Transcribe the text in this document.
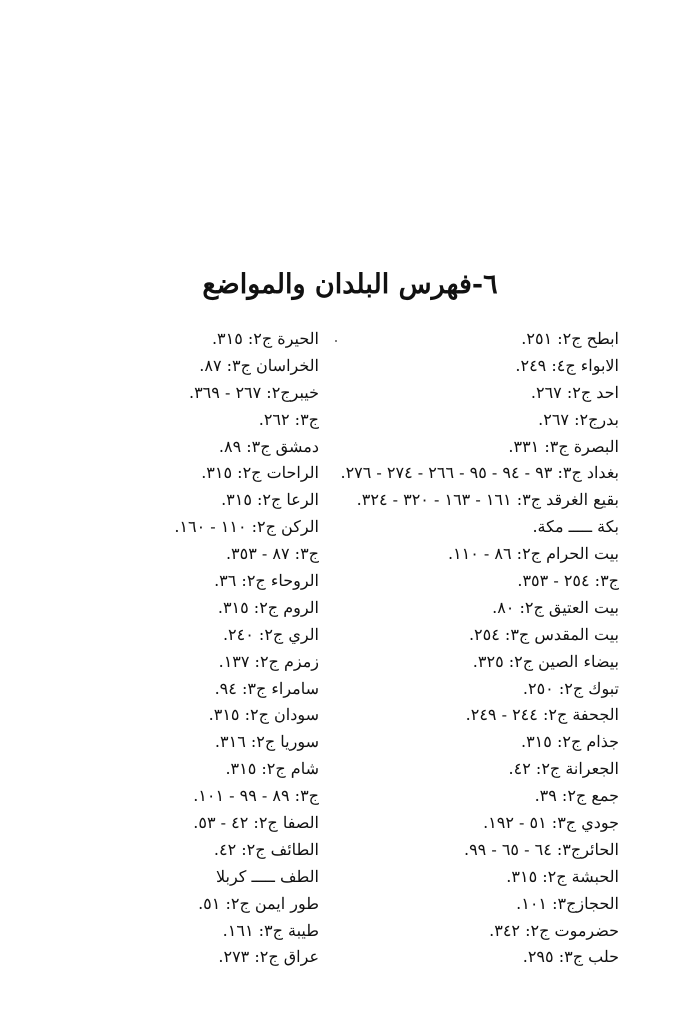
٦-فهرس البلدان والمواضع
ابطح ج٢: ٢٥١.
الابواء ج٤: ٢٤٩.
احد ج٢: ٢٦٧.
بدرج٢: ٢٦٧.
البصرة ج٣: ٣٣١.
بغداد ج٣: ٩٣ - ٩٤ - ٩٥ - ٢٦٦ - ٢٧٤ - ٢٧٦.
بقيع الغرقد ج٣: ١٦١ - ١٦٣ - ٣٢٠ - ٣٢٤.
بكة ـــــ مكة.
بيت الحرام ج٢: ٨٦ - ١١٠.
ج٣: ٢٥٤ - ٣٥٣.
بيت العتيق ج٢: ٨٠.
بيت المقدس ج٣: ٢٥٤.
بيضاء الصين ج٢: ٣٢٥.
تبوك ج٢: ٢٥٠.
الجحفة ج٢: ٢٤٤ - ٢٤٩.
جذام ج٢: ٣١٥.
الجعرانة ج٢: ٤٢.
جمع ج٢: ٣٩.
جودي ج٣: ٥١ - ١٩٢.
الحائرج٣: ٦٤ - ٦٥ - ٩٩.
الحبشة ج٢: ٣١٥.
الحجازج٣: ١٠١.
حضرموت ج٢: ٣٤٢.
حلب ج٣: ٢٩٥.
الحيرة ج٢: ٣١٥.
الخراسان ج٣: ٨٧.
خيبرج٢: ٢٦٧ - ٣٦٩.
ج٣: ٢٦٢.
دمشق ج٣: ٨٩.
الراحات ج٢: ٣١٥.
الرعا ج٢: ٣١٥.
الركن ج٢: ١١٠ - ١٦٠.
ج٣: ٨٧ - ٣٥٣.
الروحاء ج٢: ٣٦.
الروم ج٢: ٣١٥.
الري ج٢: ٢٤٠.
زمزم ج٢: ١٣٧.
سامراء ج٣: ٩٤.
سودان ج٢: ٣١٥.
سوريا ج٢: ٣١٦.
شام ج٢: ٣١٥.
ج٣: ٨٩ - ٩٩ - ١٠١.
الصفا ج٢: ٤٢ - ٥٣.
الطائف ج٢: ٤٢.
الطف ـــــ كربلا
طور ايمن ج٢: ٥١.
طيبة ج٣: ١٦١.
عراق ج٢: ٢٧٣.
